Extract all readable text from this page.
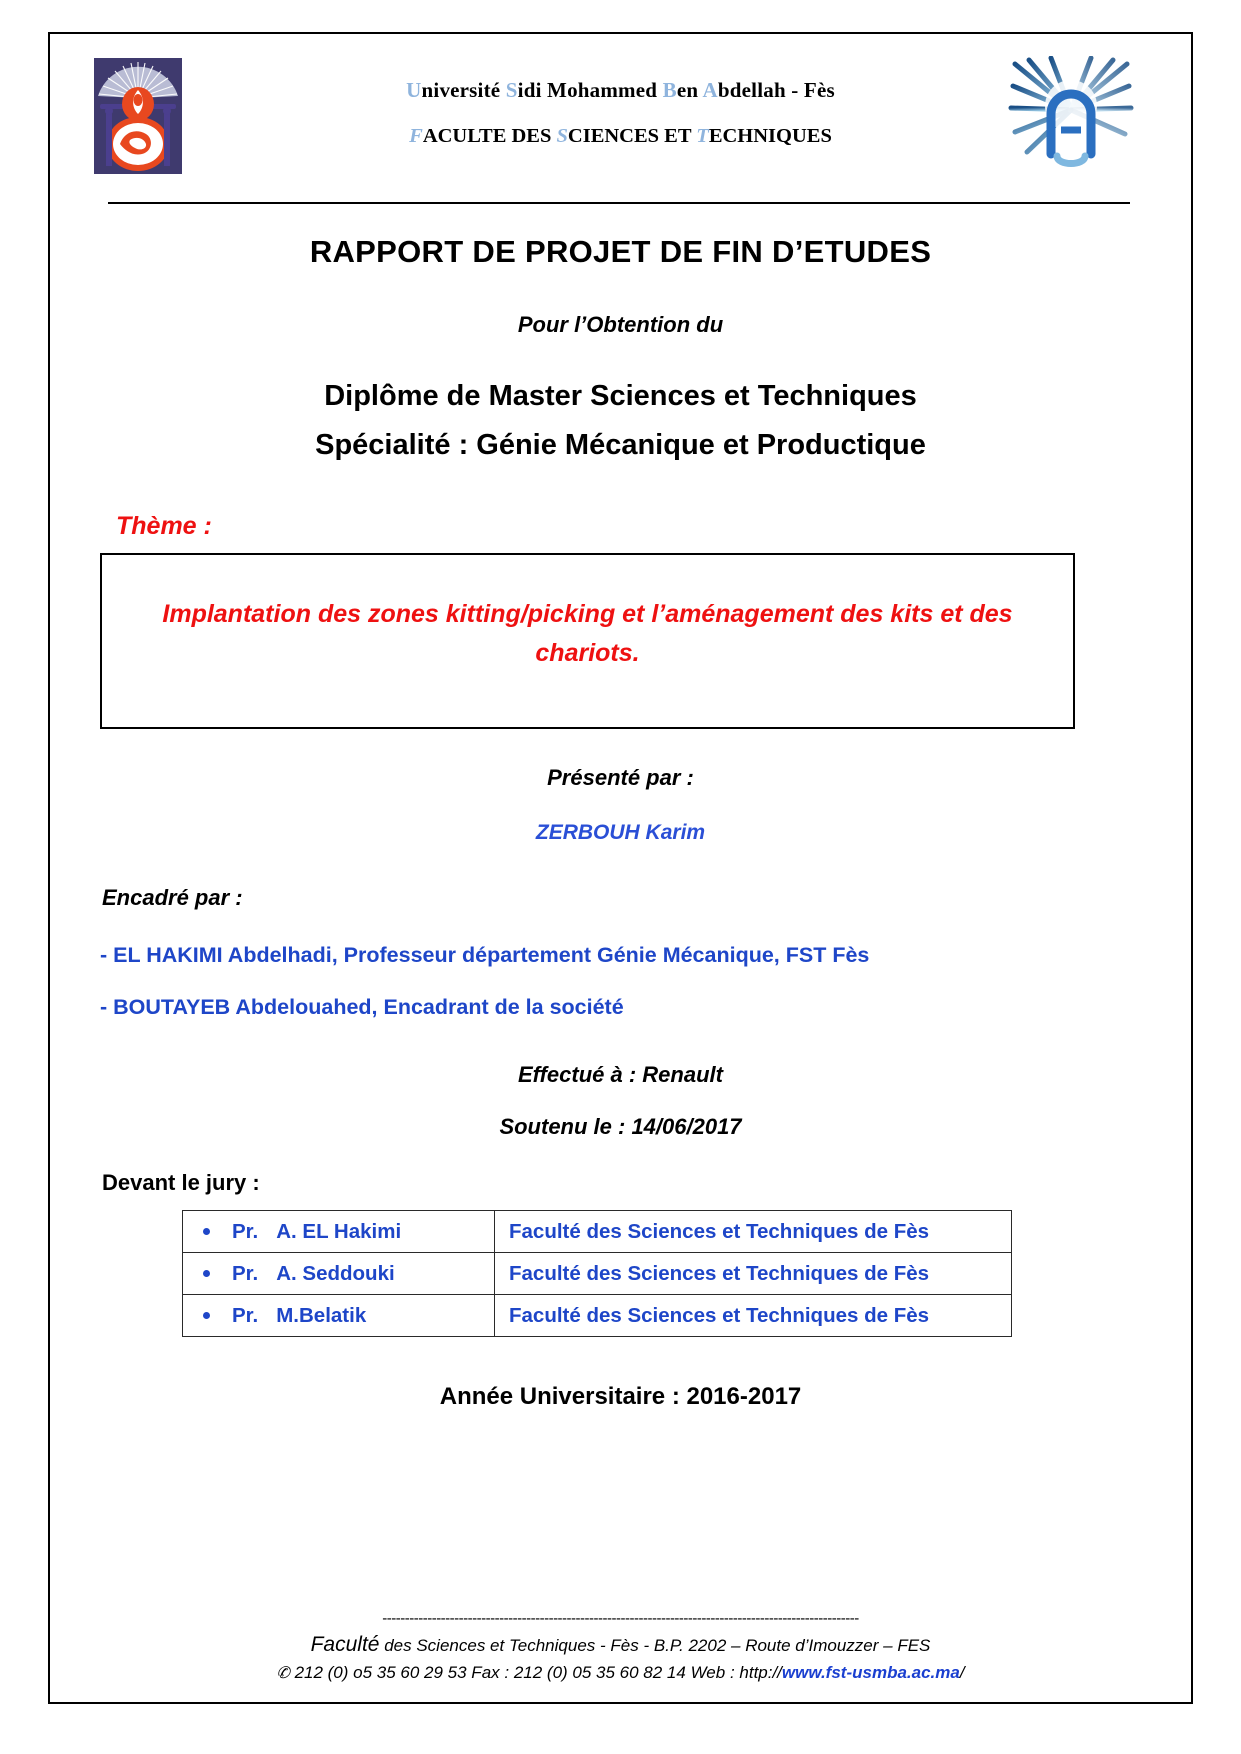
Université Sidi Mohammed Ben Abdellah - Fès
FACULTE DES SCIENCES ET TECHNIQUES
RAPPORT DE PROJET DE FIN D’ETUDES
Pour l’Obtention du
Diplôme de Master Sciences et Techniques
Spécialité : Génie Mécanique et Productique
Thème :
Implantation des zones kitting/picking et l’aménagement des kits et des chariots.
Présenté par :
ZERBOUH Karim
Encadré par :
- EL HAKIMI Abdelhadi, Professeur département Génie Mécanique, FST Fès
- BOUTAYEB Abdelouahed, Encadrant de la société
Effectué à : Renault
Soutenu le : 14/06/2017
Devant le jury :
Pr. A. EL Hakimi	Faculté des Sciences et Techniques de Fès

Pr. A. Seddouki	Faculté des Sciences et Techniques de Fès

Pr. M.Belatik	Faculté des Sciences et Techniques de Fès
Année Universitaire : 2016-2017
----------------------------------------------------------------------------------------------------------
Faculté des Sciences et Techniques - Fès - B.P. 2202 – Route d’Imouzzer – FES
✆ 212 (0) o5 35 60 29 53 Fax : 212 (0) 05 35 60 82 14 Web : http://www.fst-usmba.ac.ma/
